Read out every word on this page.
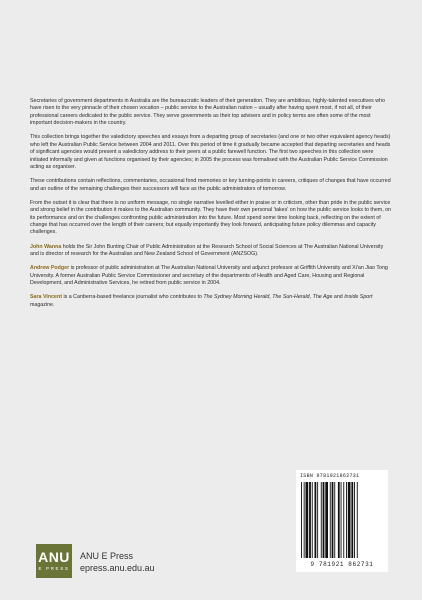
Secretaries of government departments in Australia are the bureaucratic leaders of their generation. They are ambitious, highly-talented executives who have risen to the very pinnacle of their chosen vocation – public service to the Australian nation – usually after having spent most, if not all, of their professional careers dedicated to the public service. They serve governments as their top advisers and in policy terms are often some of the most important decision-makers in the country.

This collection brings together the valedictory speeches and essays from a departing group of secretaries (and one or two other equivalent agency heads) who left the Australian Public Service between 2004 and 2011. Over this period of time it gradually became accepted that departing secretaries and heads of significant agencies would present a valedictory address to their peers at a public farewell function. The first two speeches in this collection were initiated informally and given at functions organised by their agencies; in 2005 the process was formalised with the Australian Public Service Commission acting as organiser.

These contributions contain reflections, commentaries, occasional fond memories or key turning-points in careers, critiques of changes that have occurred and an outline of the remaining challenges their successors will face as the public administrators of tomorrow.

From the outset it is clear that there is no uniform message, no single narrative levelled either in praise or in criticism, other than pride in the public service and strong belief in the contribution it makes to the Australian community. They have their own personal 'takes' on how the public service looks to them, on its performance and on the challenges confronting public administration into the future. Most spend some time looking back, reflecting on the extent of change that has occurred over the length of their careers; but equally importantly they look forward, anticipating future policy dilemmas and capacity challenges.

John Wanna holds the Sir John Bunting Chair of Public Administration at the Research School of Social Sciences at The Australian National University and is director of research for the Australian and New Zealand School of Government (ANZSOG).

Andrew Podger is professor of public administration at The Australian National University and adjunct professor at Griffith University and Xi'an Jiao Tong University. A former Australian Public Service Commissioner and secretary of the departments of Health and Aged Care, Housing and Regional Development, and Administrative Services, he retired from public service in 2004.

Sara Vincent is a Canberra-based freelance journalist who contributes to The Sydney Morning Herald, The Sun-Herald, The Age and Inside Sport magazine.

ISBN 9781921862731
9 781921 862731
ANU
E PRESS
ANU E Press
epress.anu.edu.au
